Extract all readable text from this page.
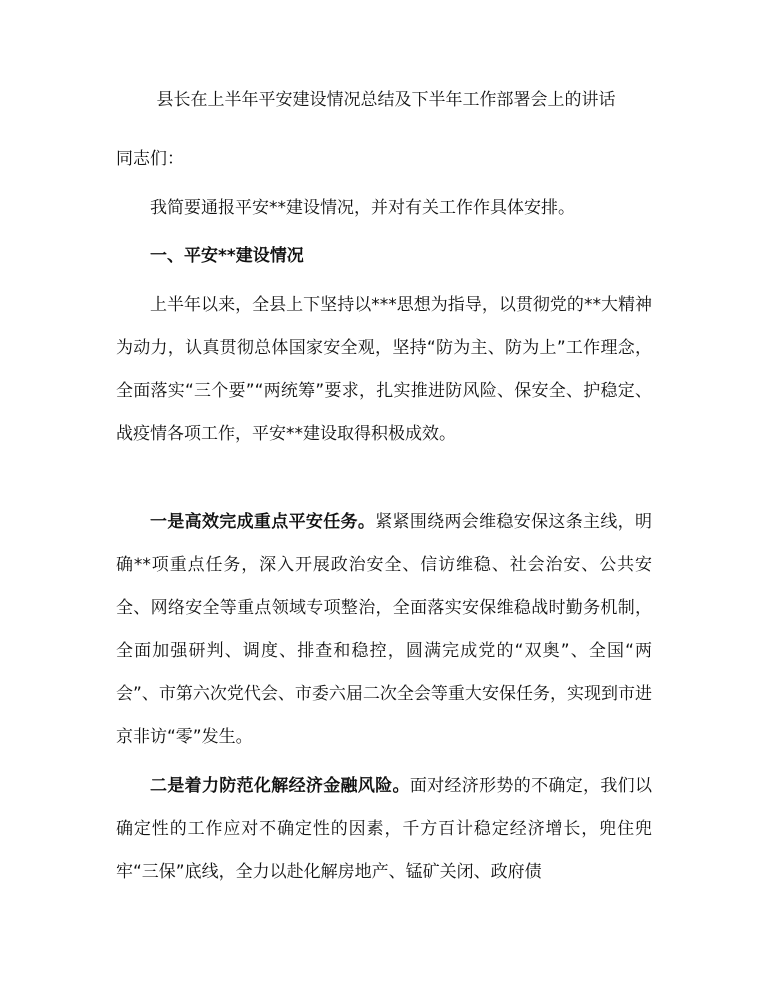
县长在上半年平安建设情况总结及下半年工作部署会上的讲话

同志们：

我简要通报平安**建设情况，并对有关工作作具体安排。

一、平安**建设情况

上半年以来，全县上下坚持以***思想为指导，以贯彻党的**大精神为动力，认真贯彻总体国家安全观，坚持“防为主、防为上”工作理念，全面落实“三个要”“两统筹”要求，扎实推进防风险、保安全、护稳定、战疫情各项工作，平安**建设取得积极成效。

一是高效完成重点平安任务。紧紧围绕两会维稳安保这条主线，明确**项重点任务，深入开展政治安全、信访维稳、社会治安、公共安全、网络安全等重点领域专项整治，全面落实安保维稳战时勤务机制，全面加强研判、调度、排查和稳控，圆满完成党的“双奥”、全国“两会”、市第六次党代会、市委六届二次全会等重大安保任务，实现到市进京非访“零”发生。

二是着力防范化解经济金融风险。面对经济形势的不确定，我们以确定性的工作应对不确定性的因素，千方百计稳定经济增长，兜住兜牢“三保”底线，全力以赴化解房地产、锰矿关闭、政府债
